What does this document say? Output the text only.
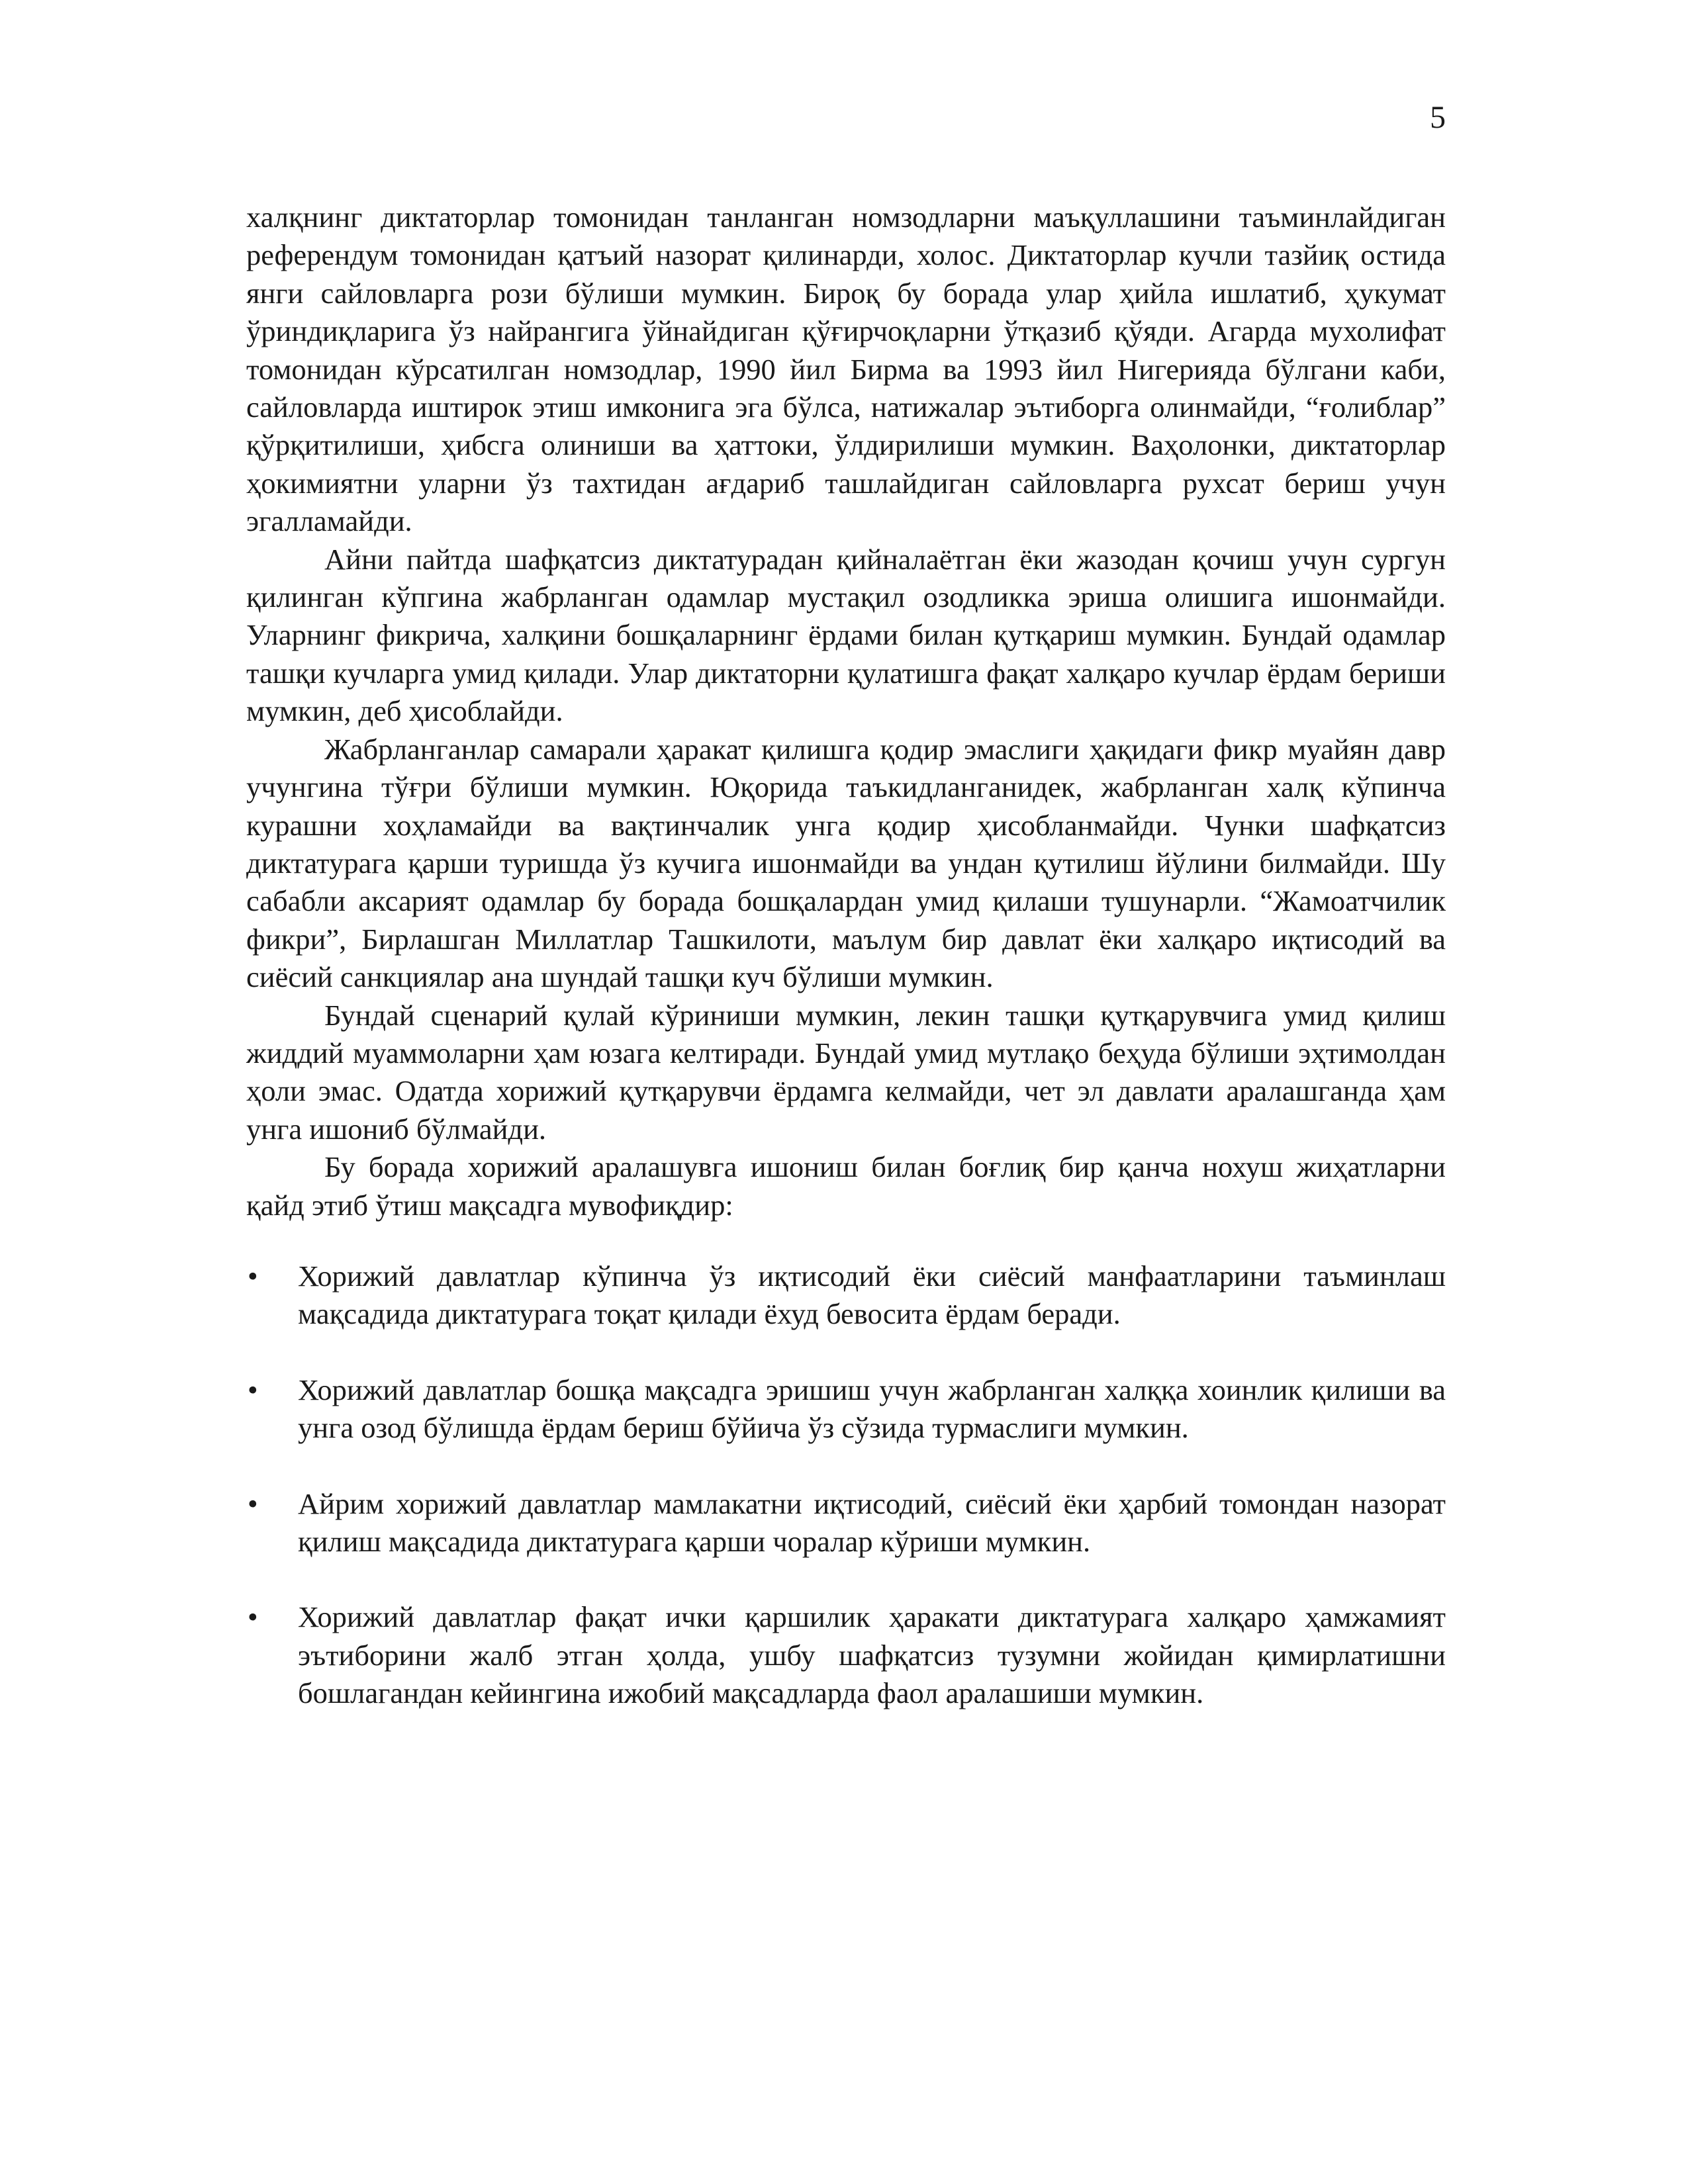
5

халқнинг диктаторлар томонидан танланган номзодларни маъқуллашини таъминлайдиган референдум томонидан қатъий назорат қилинарди, холос. Диктаторлар кучли тазйиқ остида янги сайловларга рози бўлиши мумкин. Бироқ бу борада улар ҳийла ишлатиб, ҳукумат ўриндиқларига ўз найрангига ўйнайдиган қўғирчоқларни ўтқазиб қўяди. Агарда мухолифат томонидан кўрсатилган номзодлар, 1990 йил Бирма ва 1993 йил Нигерияда бўлгани каби, сайловларда иштирок этиш имконига эга бўлса, натижалар эътиборга олинмайди, “ғолиблар” қўрқитилиши, ҳибсга олиниши ва ҳаттоки, ўлдирилиши мумкин. Ваҳолонки, диктаторлар ҳокимиятни уларни ўз тахтидан ағдариб ташлайдиган сайловларга рухсат бериш учун эгалламайди.

Айни пайтда шафқатсиз диктатурадан қийналаётган ёки жазодан қочиш учун сургун қилинган кўпгина жабрланган одамлар мустақил озодликка эриша олишига ишонмайди. Уларнинг фикрича, халқини бошқаларнинг ёрдами билан қутқариш мумкин. Бундай одамлар ташқи кучларга умид қилади. Улар диктаторни қулатишга фақат халқаро кучлар ёрдам бериши мумкин, деб ҳисоблайди.

Жабрланганлар самарали ҳаракат қилишга қодир эмаслиги ҳақидаги фикр муайян давр учунгина тўғри бўлиши мумкин. Юқорида таъкидланганидек, жабрланган халқ кўпинча курашни хоҳламайди ва вақтинчалик унга қодир ҳисобланмайди. Чунки шафқатсиз диктатурага қарши туришда ўз кучига ишонмайди ва ундан қутилиш йўлини билмайди. Шу сабабли аксарият одамлар бу борада бошқалардан умид қилаши тушунарли. “Жамоатчилик фикри”, Бирлашган Миллатлар Ташкилоти, маълум бир давлат ёки халқаро иқтисодий ва сиёсий санкциялар ана шундай ташқи куч бўлиши мумкин.

Бундай сценарий қулай кўриниши мумкин, лекин ташқи қутқарувчига умид қилиш жиддий муаммоларни ҳам юзага келтиради. Бундай умид мутлақо беҳуда бўлиши эҳтимолдан ҳоли эмас. Одатда хорижий қутқарувчи ёрдамга келмайди, чет эл давлати аралашганда ҳам унга ишониб бўлмайди.

Бу борада хорижий аралашувга ишониш билан боғлиқ бир қанча нохуш жиҳатларни қайд этиб ўтиш мақсадга мувофиқдир:

• Хорижий давлатлар кўпинча ўз иқтисодий ёки сиёсий манфаатларини таъминлаш мақсадида диктатурага тоқат қилади ёхуд бевосита ёрдам беради.
• Хорижий давлатлар бошқа мақсадга эришиш учун жабрланган халққа хоинлик қилиши ва унга озод бўлишда ёрдам бериш бўйича ўз сўзида турмаслиги мумкин.
• Айрим хорижий давлатлар мамлакатни иқтисодий, сиёсий ёки ҳарбий томондан назорат қилиш мақсадида диктатурага қарши чоралар кўриши мумкин.
• Хорижий давлатлар фақат ички қаршилик ҳаракати диктатурага халқаро ҳамжамият эътиборини жалб этган ҳолда, ушбу шафқатсиз тузумни жойидан қимирлатишни бошлагандан кейингина ижобий мақсадларда фаол аралашиши мумкин.
